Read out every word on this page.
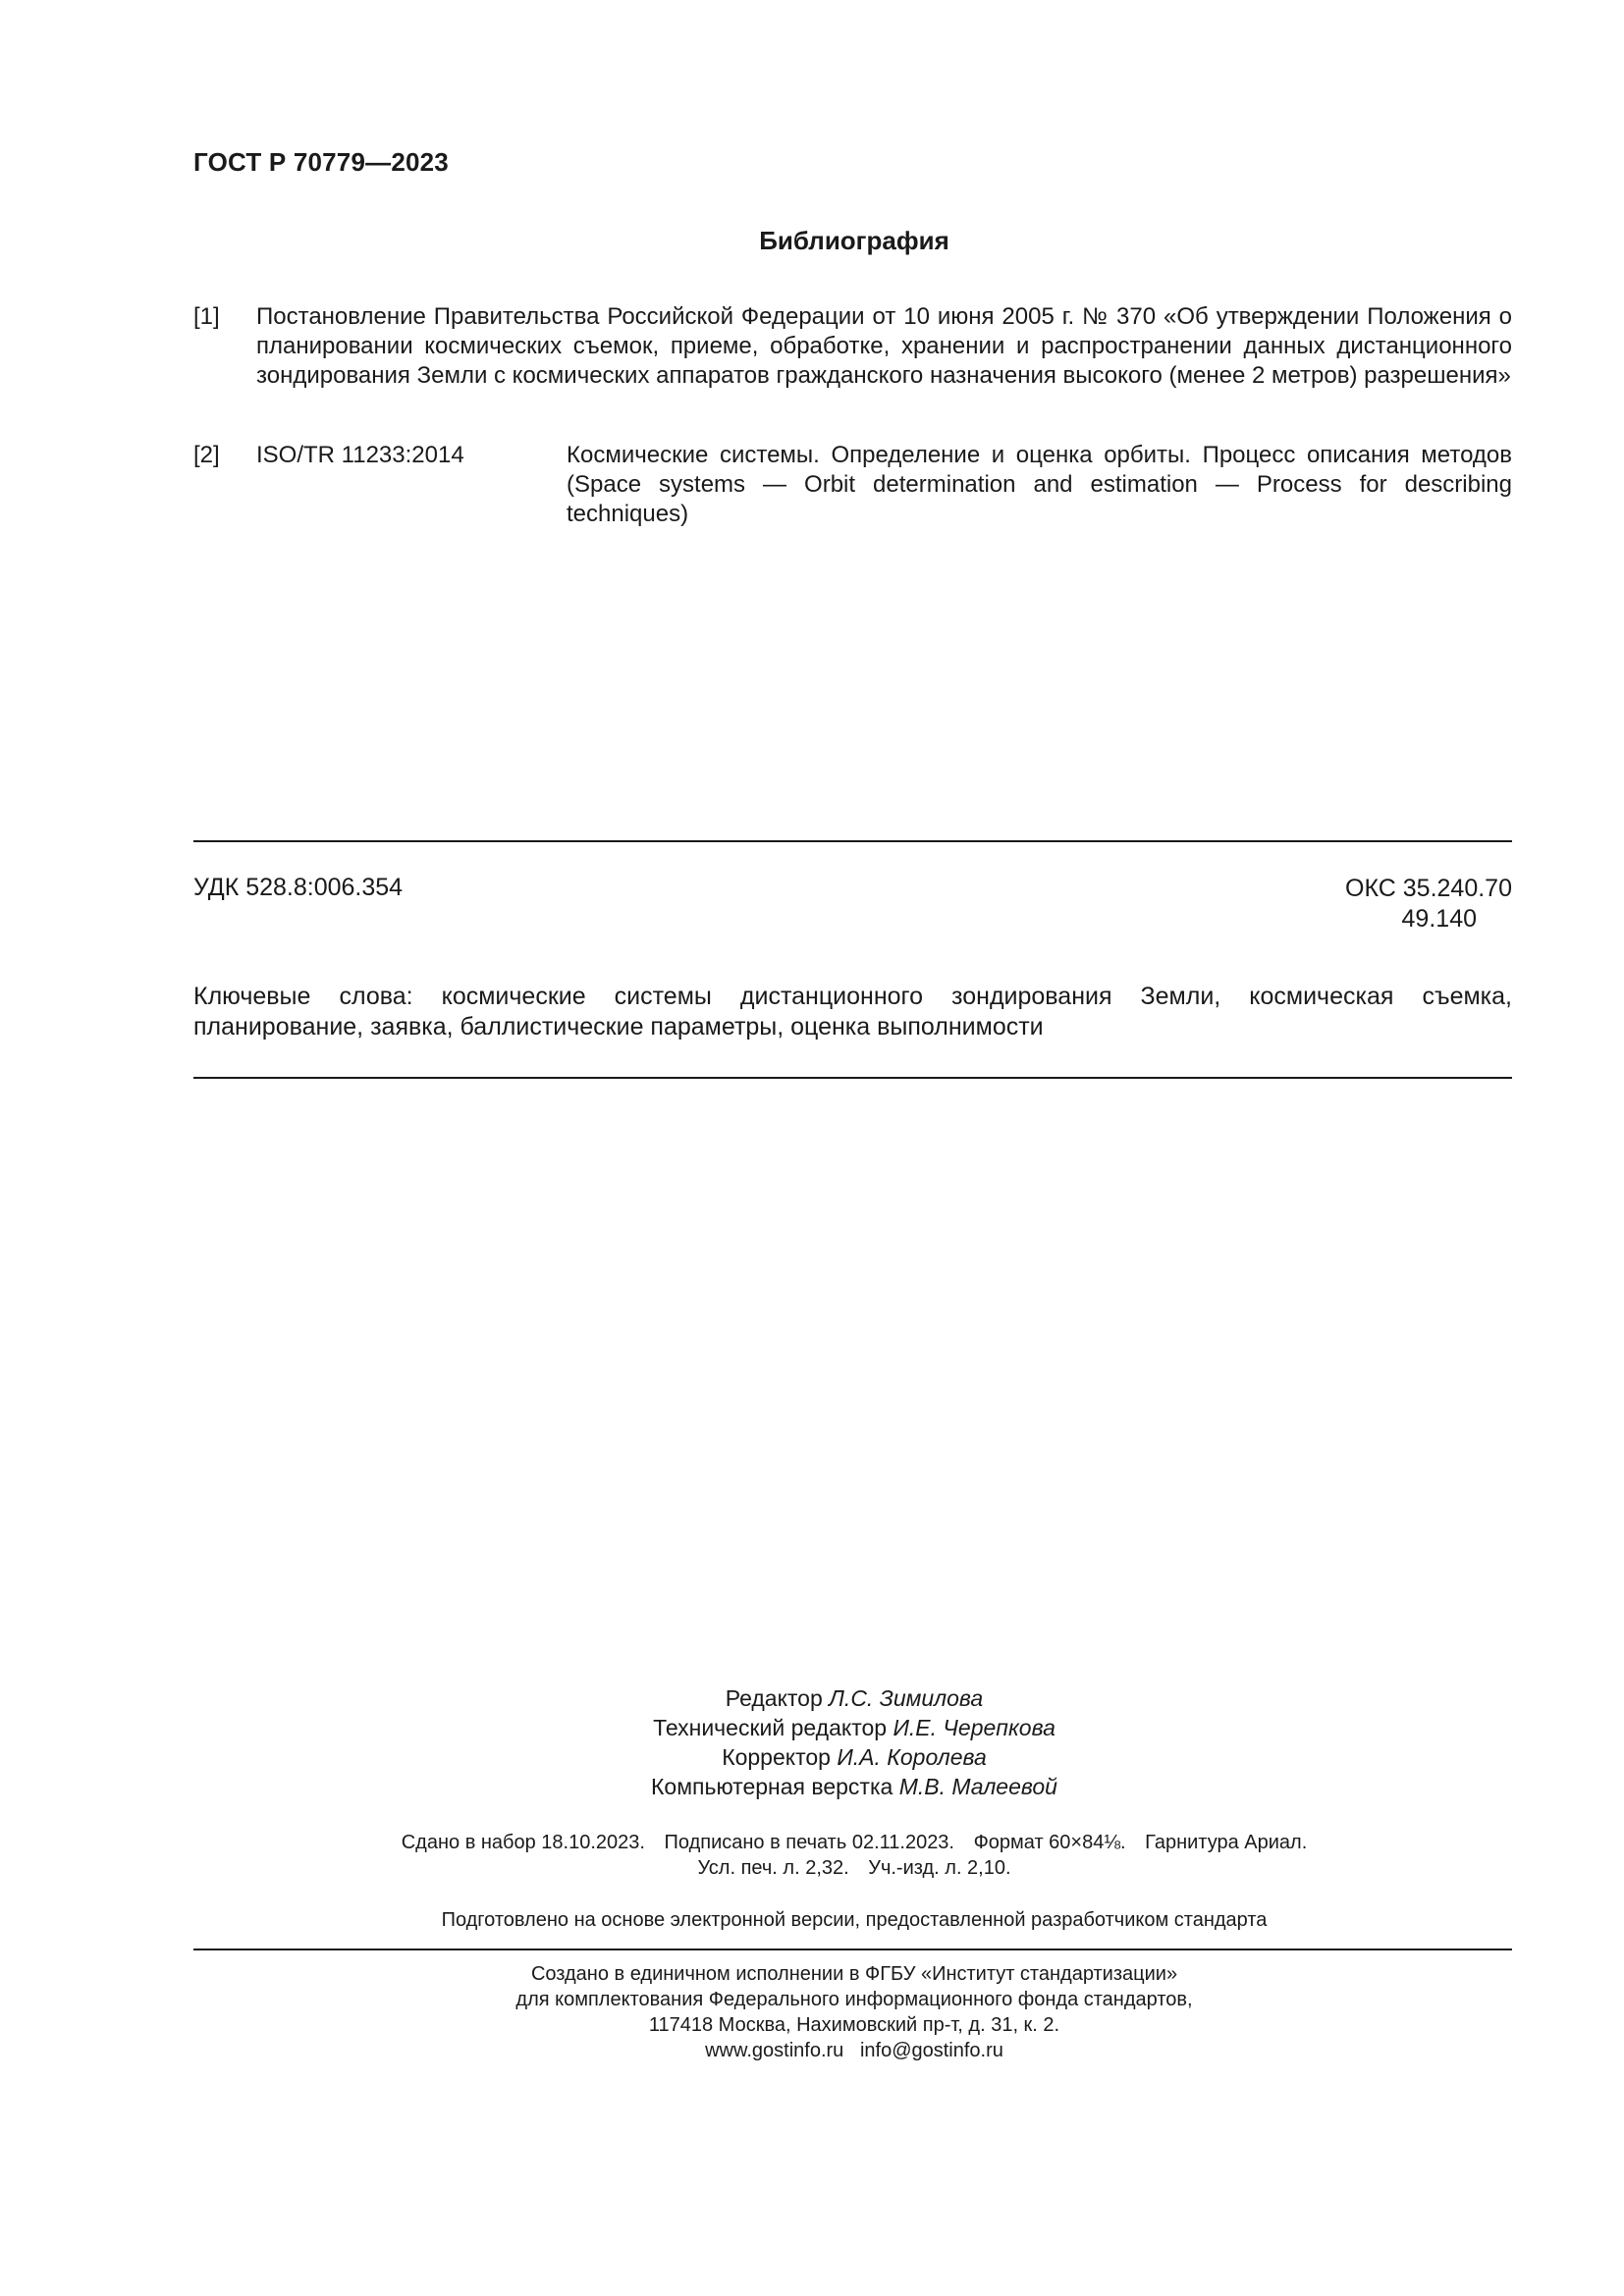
ГОСТ Р 70779—2023
Библиография
[1] Постановление Правительства Российской Федерации от 10 июня 2005 г. № 370 «Об утверждении Положения о планировании космических съемок, приеме, обработке, хранении и распространении данных дистанционного зондирования Земли с космических аппаратов гражданского назначения высокого (менее 2 метров) разрешения»
[2] ISO/TR 11233:2014	Космические системы. Определение и оценка орбиты. Процесс описания методов (Space systems — Orbit determination and estimation — Process for describing techniques)
УДК 528.8:006.354	ОКС 35.240.70
49.140
Ключевые слова: космические системы дистанционного зондирования Земли, космическая съемка, планирование, заявка, баллистические параметры, оценка выполнимости
Редактор Л.С. Зимилова
Технический редактор И.Е. Черепкова
Корректор И.А. Королева
Компьютерная верстка М.В. Малеевой
Сдано в набор 18.10.2023. Подписано в печать 02.11.2023. Формат 60×84⅛. Гарнитура Ариал.
Усл. печ. л. 2,32. Уч.-изд. л. 2,10.
Подготовлено на основе электронной версии, предоставленной разработчиком стандарта
Создано в единичном исполнении в ФГБУ «Институт стандартизации»
для комплектования Федерального информационного фонда стандартов,
117418 Москва, Нахимовский пр-т, д. 31, к. 2.
www.gostinfo.ru info@gostinfo.ru
